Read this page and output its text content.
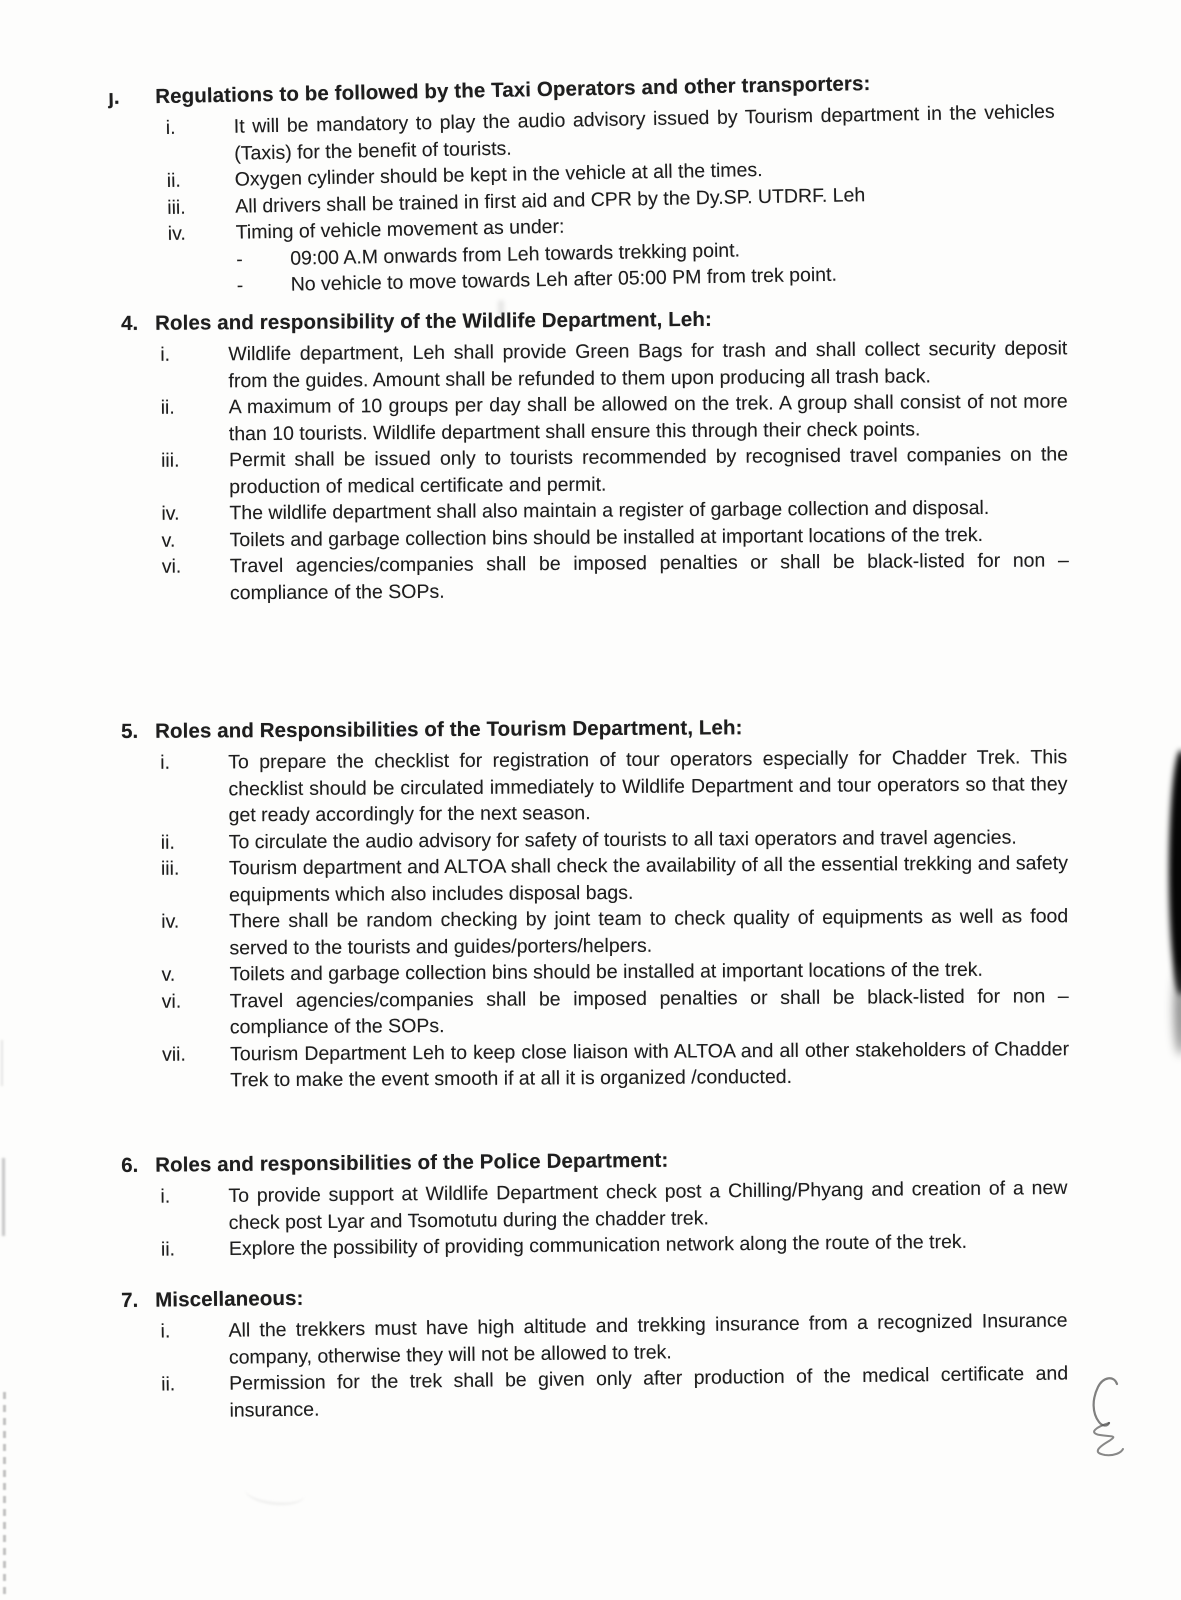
ȷ.	Regulations to be followed by the Taxi Operators and other transporters:
i.	It will be mandatory to play the audio advisory issued by Tourism department in the vehicles (Taxis) for the benefit of tourists.

ii.	Oxygen cylinder should be kept in the vehicle at all the times.

iii.	All drivers shall be trained in first aid and CPR by the Dy.SP. UTDRF. Leh

iv.	Timing of vehicle movement as under:

- 09:00 A.M onwards from Leh towards trekking point.

- No vehicle to move towards Leh after 05:00 PM from trek point.

4. Roles and responsibility of the Wildlife Department, Leh:
i.	Wildlife department, Leh shall provide Green Bags for trash and shall collect security deposit from the guides. Amount shall be refunded to them upon producing all trash back.

ii.	A maximum of 10 groups per day shall be allowed on the trek. A group shall consist of not more than 10 tourists. Wildlife department shall ensure this through their check points.

iii.	Permit shall be issued only to tourists recommended by recognised travel companies on the production of medical certificate and permit.

iv.	The wildlife department shall also maintain a register of garbage collection and disposal.

v.	Toilets and garbage collection bins should be installed at important locations of the trek.

vi. Travel agencies/companies shall be imposed penalties or shall be black-listed for non – compliance of the SOPs.

5. Roles and Responsibilities of the Tourism Department, Leh:
i.	To prepare the checklist for registration of tour operators especially for Chadder Trek. This checklist should be circulated immediately to Wildlife Department and tour operators so that they get ready accordingly for the next season.

ii.	To circulate the audio advisory for safety of tourists to all taxi operators and travel agencies.

iii.	Tourism department and ALTOA shall check the availability of all the essential trekking and safety equipments which also includes disposal bags.

iv.	There shall be random checking by joint team to check quality of equipments as well as food served to the tourists and guides/porters/helpers.

v.	Toilets and garbage collection bins should be installed at important locations of the trek.

vi. Travel agencies/companies shall be imposed penalties or shall be black-listed for non – compliance of the SOPs.

vii. Tourism Department Leh to keep close liaison with ALTOA and all other stakeholders of Chadder Trek to make the event smooth if at all it is organized /conducted.

6. Roles and responsibilities of the Police Department:
i.	To provide support at Wildlife Department check post a Chilling/Phyang and creation of a new check post Lyar and Tsomotutu during the chadder trek.

ii.	Explore the possibility of providing communication network along the route of the trek.

7. Miscellaneous:
i.	All the trekkers must have high altitude and trekking insurance from a recognized Insurance company, otherwise they will not be allowed to trek.

ii.	Permission for the trek shall be given only after production of the medical certificate and insurance.
